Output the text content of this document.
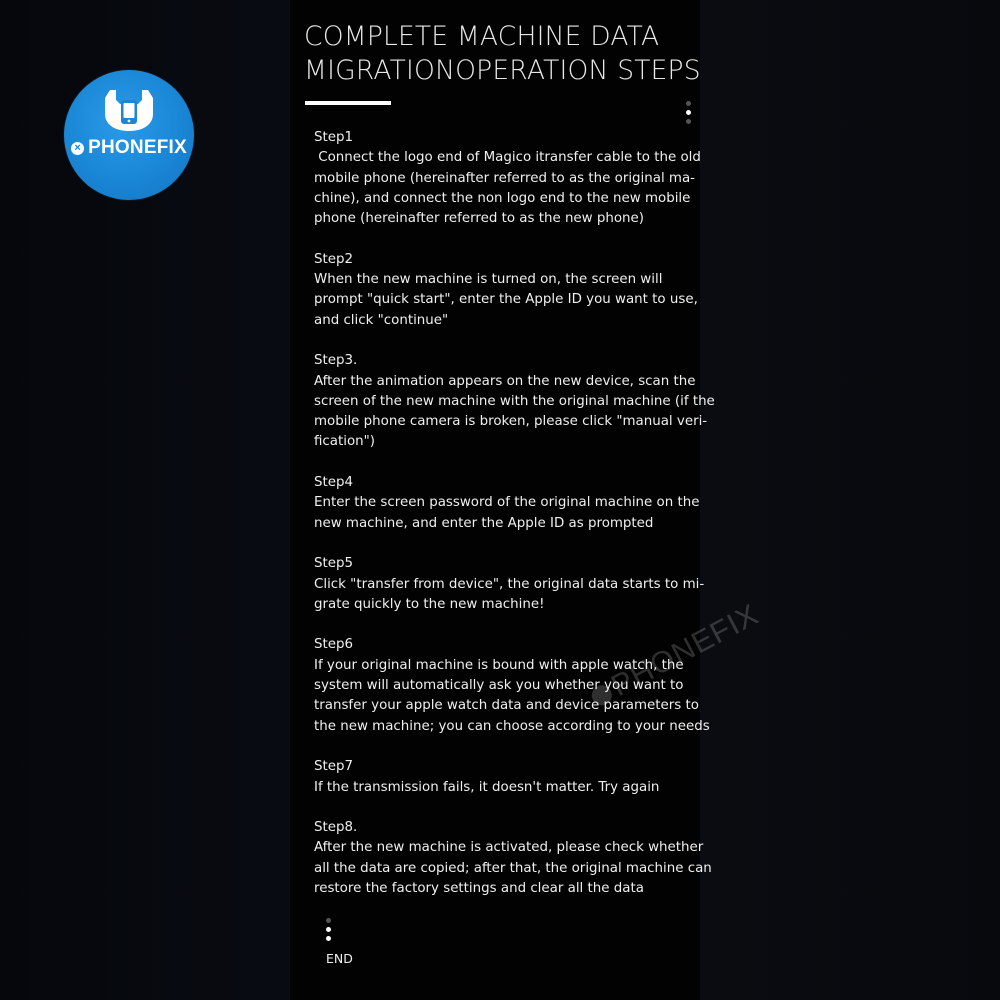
× PHONEFIX
COMPLETE MACHINE DATA
MIGRATIONOPERATION STEPS
Step1
Connect the logo end of Magico itransfer cable to the old
mobile phone (hereinafter referred to as the original ma-
chine), and connect the non logo end to the new mobile
phone (hereinafter referred to as the new phone)
Step2
When the new machine is turned on, the screen will
prompt "quick start", enter the Apple ID you want to use,
and click "continue"
Step3.
After the animation appears on the new device, scan the
screen of the new machine with the original machine (if the
mobile phone camera is broken, please click "manual veri-
fication")
Step4
Enter the screen password of the original machine on the
new machine, and enter the Apple ID as prompted
Step5
Click "transfer from device", the original data starts to mi-
grate quickly to the new machine!
Step6
If your original machine is bound with apple watch, the
system will automatically ask you whether you want to
transfer your apple watch data and device parameters to
the new machine; you can choose according to your needs
Step7
If the transmission fails, it doesn't matter. Try again
Step8.
After the new machine is activated, please check whether
all the data are copied; after that, the original machine can
restore the factory settings and clear all the data
END
PHONEFIX
